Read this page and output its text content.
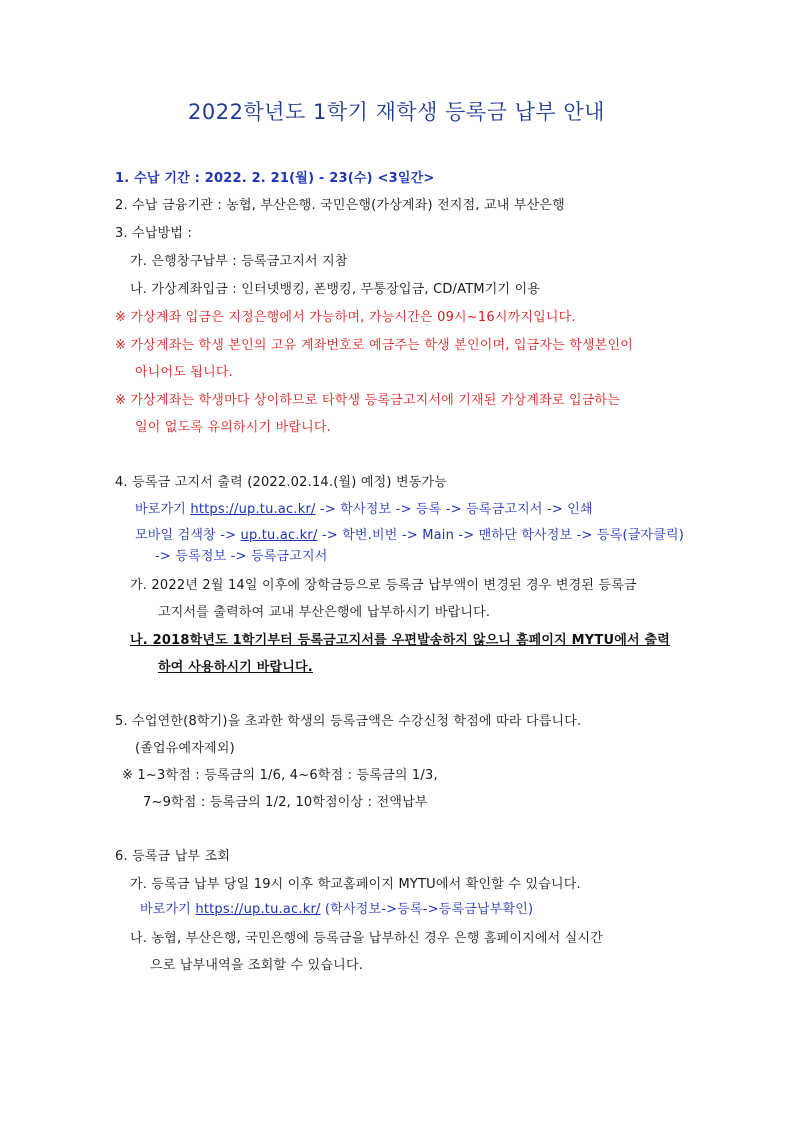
2022학년도 1학기 재학생 등록금 납부 안내
1. 수납 기간 : 2022. 2. 21(월) - 23(수) <3일간>
2. 수납 금융기관 : 농협, 부산은행. 국민은행(가상계좌) 전지점, 교내 부산은행
3. 수납방법 :
가. 은행창구납부 : 등록금고지서 지참
나. 가상계좌입금 : 인터넷뱅킹, 폰뱅킹, 무통장입금, CD/ATM기기 이용
※ 가상계좌 입금은 지정은행에서 가능하며, 가능시간은 09시~16시까지입니다.
※ 가상계좌는 학생 본인의 고유 계좌번호로 예금주는 학생 본인이며, 입금자는 학생본인이
아니어도 됩니다.
※ 가상계좌는 학생마다 상이하므로 타학생 등록금고지서에 기재된 가상계좌로 입금하는
일이 없도록 유의하시기 바랍니다.
4. 등록금 고지서 출력 (2022.02.14.(월) 예정) 변동가능
바로가기 https://up.tu.ac.kr/ -> 학사정보 -> 등록 -> 등록금고지서 -> 인쇄
모바일 검색창 -> up.tu.ac.kr/ -> 학번.비번 -> Main -> 맨하단 학사정보 -> 등록(글자클릭)
-> 등록정보 -> 등록금고지서
가. 2022년 2월 14일 이후에 장학금등으로 등록금 납부액이 변경된 경우 변경된 등록금
고지서를 출력하여 교내 부산은행에 납부하시기 바랍니다.
나. 2018학년도 1학기부터 등록금고지서를 우편발송하지 않으니 홈페이지 MYTU에서 출력
하여 사용하시기 바랍니다.
5. 수업연한(8학기)을 초과한 학생의 등록금액은 수강신청 학점에 따라 다릅니다.
(졸업유예자제외)
※ 1~3학점 : 등록금의 1/6, 4~6학점 : 등록금의 1/3,
7~9학점 : 등록금의 1/2, 10학점이상 : 전액납부
6. 등록금 납부 조회
가. 등록금 납부 당일 19시 이후 학교홈페이지 MYTU에서 확인할 수 있습니다.
바로가기 https://up.tu.ac.kr/ (학사정보->등록->등록금납부확인)
나. 농협, 부산은행, 국민은행에 등록금을 납부하신 경우 은행 홈페이지에서 실시간
으로 납부내역을 조회할 수 있습니다.
